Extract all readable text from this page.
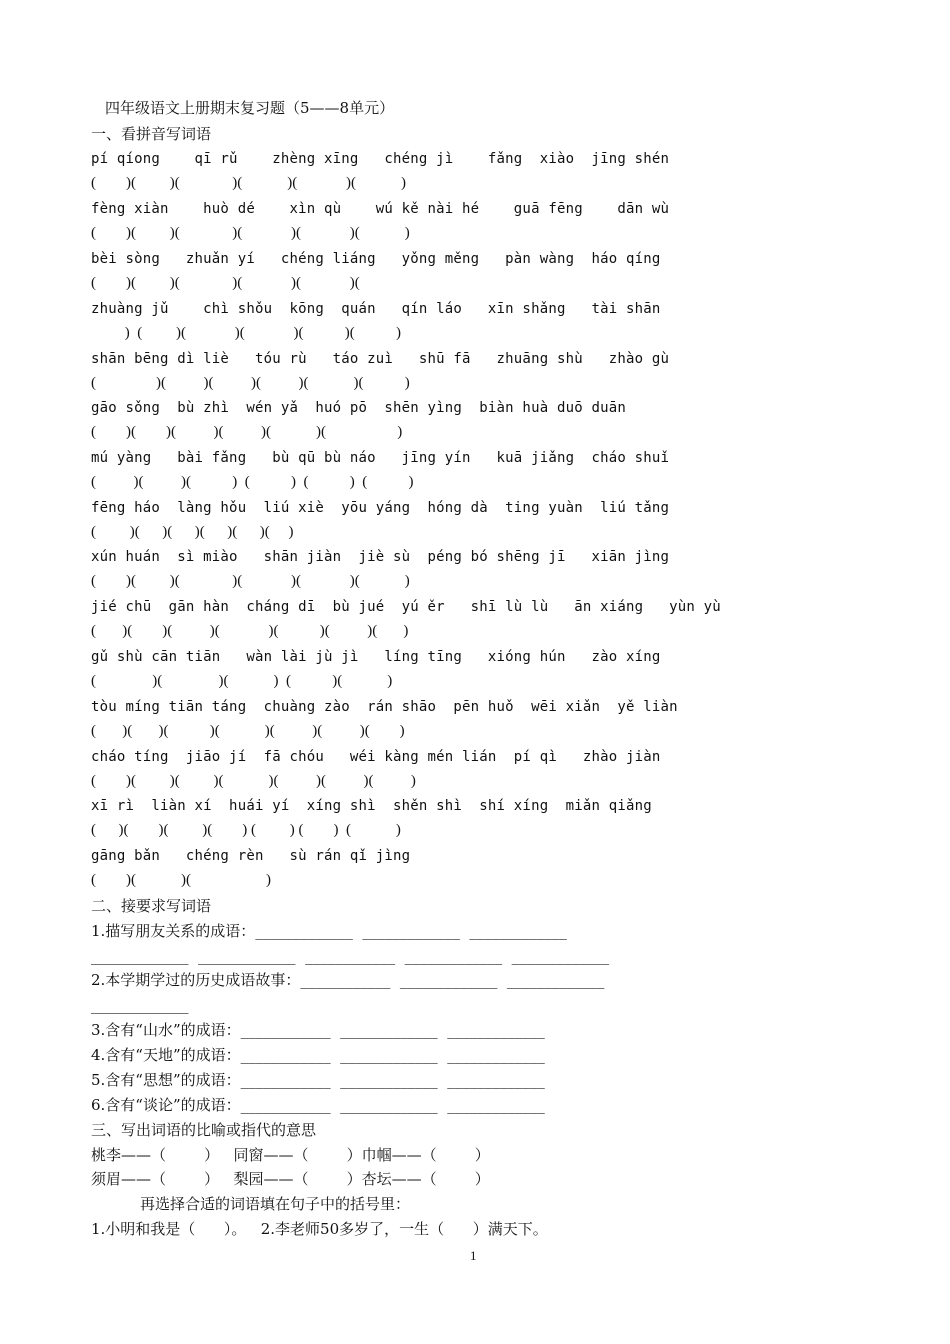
四年级语文上册期末复习题（5——8单元）
一、看拼音写词语
pí qíong    qī rǔ    zhèng xīng   chéng jì    fǎng  xiào  jīng shén
(        )(         )(              )(            )(             )(            )
fèng xiàn    huò dé    xìn qù    wú kě nài hé    guā fēng    dān wù
(        )(         )(              )(             )(             )(            )
bèi sòng   zhuǎn yí   chéng liáng   yǒng měng   pàn wàng  háo qíng
(        )(         )(              )(             )(             )(
zhuàng jǔ    chì shǒu  kōng  quán   qín láo   xīn shǎng   tài shān
)  (         )(             )(             )(           )(           )
shān bēng dì liè   tóu rù   táo zuì   shū fā   zhuāng shù   zhào gù
(                )(          )(          )(          )(            )(           )
gāo sǒng  bù zhì  wén yǎ  huó pō  shēn yìng  biàn huà duō duān
(        )(        )(          )(          )(            )(                   )
mú yàng   bài fǎng   bù qū bù náo   jīng yín   kuā jiǎng  cháo shuǐ
(          )(          )(           )  (           )  (           )  (           )
fēng háo  làng hǒu  liú xiè  yōu yáng  hóng dà  ting yuàn  liú tǎng
(         )(      )(      )(      )(      )(     )
xún huán  sì miào   shān jiàn  jiè sù  péng bó shēng jī   xiān jìng
(        )(         )(              )(             )(             )(            )
jié chū  gān hàn  cháng dī  bù jué  yú ěr   shī lù lù   ān xiáng   yùn yù
(       )(        )(          )(             )(           )(          )(       )
gǔ shù cān tiān   wàn lài jù jì   líng tīng   xióng hún   zào xíng
(               )(               )(            )  (           )(            )
tòu míng tiān táng  chuàng zào  rán shāo  pēn huǒ  wēi xiǎn  yě liàn
(       )(       )(           )(            )(          )(          )(        )
cháo tíng  jiāo jí  fā chóu   wéi kàng mén lián  pí qì   zhào jiàn
(        )(         )(         )(            )(          )(          )(          )
xī rì  liàn xí  huái yí  xíng shì  shěn shì  shí xíng  miǎn qiǎng
(      )(        )(         )(        ) (         ) (        )  (            )
gāng bǎn   chéng rèn   sù rán qǐ jìng
(        )(            )(                    )
二、接要求写词语
1.描写朋友关系的成语：_____________  _____________  _____________
_____________  _____________  ____________  _____________  _____________
2.本学期学过的历史成语故事：____________  _____________  _____________
_____________
3.含有“山水”的成语：____________  _____________  _____________
4.含有“天地”的成语：____________  _____________  _____________
5.含有“思想”的成语：____________  _____________  _____________
6.含有“谈论”的成语：____________  _____________  _____________
三、写出词语的比喻或指代的意思
桃李——（        ）   同窗——（        ）巾帼——（        ）
须眉——（        ）   梨园——（        ）杏坛——（        ）
再选择合适的词语填在句子中的括号里：
1.小明和我是（      ）。   2.李老师50多岁了，一生（      ）满天下。
1
